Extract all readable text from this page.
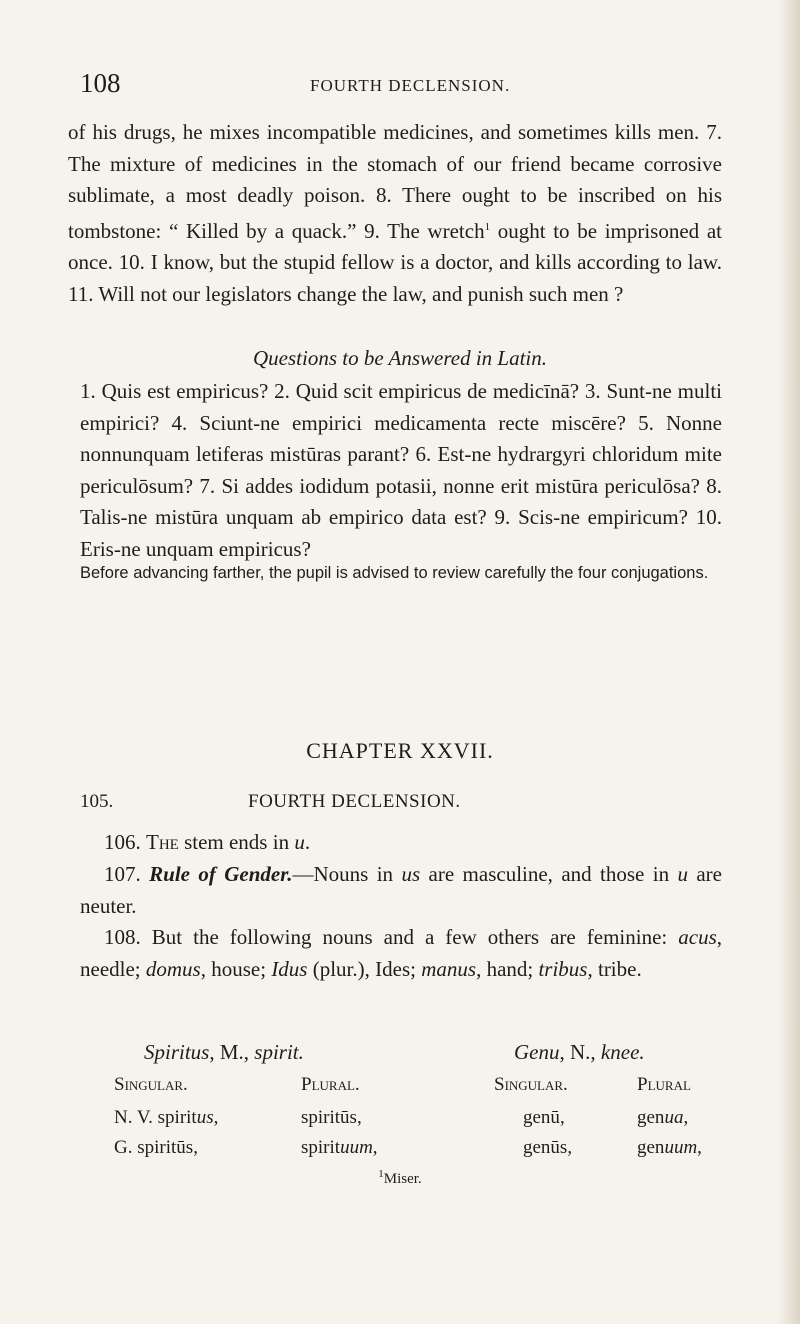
108	FOURTH DECLENSION.
of his drugs, he mixes incompatible medicines, and sometimes kills men. 7. The mixture of medicines in the stomach of our friend became corrosive sublimate, a most deadly poison. 8. There ought to be inscribed on his tombstone: “ Killed by a quack.” 9. The wretch$^1$ ought to be imprisoned at once. 10. I know, but the stupid fellow is a doctor, and kills according to law. 11. Will not our legislators change the law, and punish such men ?
Questions to be Answered in Latin.
1. Quis est empiricus? 2. Quid scit empiricus de medicīnā? 3. Sunt-ne multi empirici? 4. Sciunt-ne empirici medicamenta recte miscēre? 5. Nonne nonnunquam letiferas mistūras parant? 6. Est-ne hydrargyri chloridum mite periculōsum? 7. Si addes iodidum potasii, nonne erit mistūra periculōsa? 8. Talis-ne mistūra unquam ab empirico data est? 9. Scis-ne empiricum? 10. Eris-ne unquam empiricus?
Before advancing farther, the pupil is advised to review carefully the four conjugations.
CHAPTER XXVII.
105.	FOURTH DECLENSION.
106. The stem ends in u.
107. Rule of Gender.—Nouns in us are masculine, and those in u are neuter.
108. But the following nouns and a few others are feminine: acus, needle; domus, house; Idus (plur.), Ides; manus, hand; tribus, tribe.
Spiritus, M., spirit.	Genu, N., knee.
Singular.	Plural.	Singular.	Plural
N. V. spiritus,	spiritūs,	genū,	genua,
G. spiritūs,	spirituum,	genūs,	genuum,
$^1$Miser.
